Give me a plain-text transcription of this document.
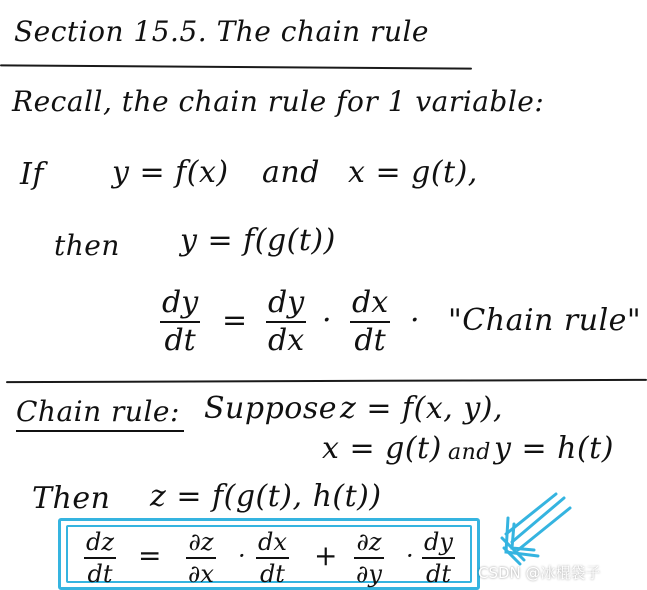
Section 15.5. The chain rule
Recall, the chain rule for 1 variable:
If y = f(x) and x = g(t),
then y = f(g(t))
dy
dt
=
dy
dx
·
dx
dt
· "Chain rule"
Chain rule: Suppose z = f(x, y),
x = g(t) and y = h(t)
Then z = f(g(t), h(t))
dz
dt
= ∂z
∂x
· dx
dt
+ ∂z
∂y
· dy
dt CSDN @冰棍袋子
